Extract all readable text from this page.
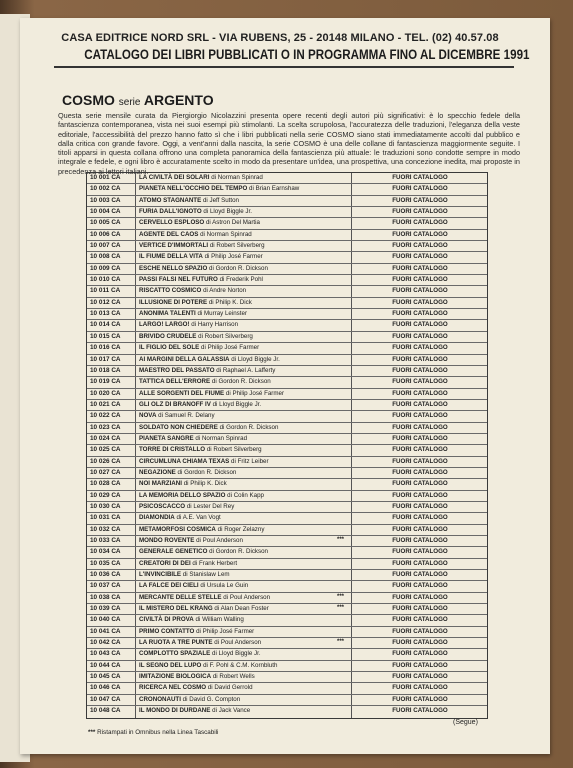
CASA EDITRICE NORD SRL - VIA RUBENS, 25 - 20148 MILANO - TEL. (02) 40.57.08
CATALOGO DEI LIBRI PUBBLICATI O IN PROGRAMMA FINO AL DICEMBRE 1991
COSMO serie ARGENTO
Questa serie mensile curata da Piergiorgio Nicolazzini presenta opere recenti degli autori più significativi: è lo specchio fedele della fantascienza contemporanea, vista nei suoi esempi più stimolanti. La scelta scrupolosa, l'accuratezza delle traduzioni, l'eleganza della veste editoriale, l'accessibilità del prezzo hanno fatto sì che i libri pubblicati nella serie COSMO siano stati immediatamente accolti dal pubblico e dalla critica con grande favore. Oggi, a vent'anni dalla nascita, la serie COSMO è una delle collane di fantascienza maggiormente seguite. I titoli apparsi in questa collana offrono una completa panoramica della fantascienza più attuale: le traduzioni sono condotte sempre in modo integrale e fedele, e ogni libro è accuratamente scelto in modo da presentare un'idea, una prospettiva, una concezione inedita, mai proposte in precedenza ai lettori italiani.
10 001 CA	LA CIVILTÀ DEI SOLARI di Norman Spinrad	FUORI CATALOGO
10 002 CA	PIANETA NELL'OCCHIO DEL TEMPO di Brian Earnshaw	FUORI CATALOGO
10 003 CA	ATOMO STAGNANTE di Jeff Sutton	FUORI CATALOGO
10 004 CA	FURIA DALL'IGNOTO di Lloyd Biggle Jr.	FUORI CATALOGO
10 005 CA	CERVELLO ESPLOSO di Astron Del Martia	FUORI CATALOGO
10 006 CA	AGENTE DEL CAOS di Norman Spinrad	FUORI CATALOGO
10 007 CA	VERTICE D'IMMORTALI di Robert Silverberg	FUORI CATALOGO
10 008 CA	IL FIUME DELLA VITA di Philip José Farmer	FUORI CATALOGO
10 009 CA	ESCHE NELLO SPAZIO di Gordon R. Dickson	FUORI CATALOGO
10 010 CA	PASSI FALSI NEL FUTURO di Frederik Pohl	FUORI CATALOGO
10 011 CA	RISCATTO COSMICO di Andre Norton	FUORI CATALOGO
10 012 CA	ILLUSIONE DI POTERE di Philip K. Dick	FUORI CATALOGO
10 013 CA	ANONIMA TALENTI di Murray Leinster	FUORI CATALOGO
10 014 CA	LARGO! LARGO! di Harry Harrison	FUORI CATALOGO
10 015 CA	BRIVIDO CRUDELE di Robert Silverberg	FUORI CATALOGO
10 016 CA	IL FIGLIO DEL SOLE di Philip José Farmer	FUORI CATALOGO
10 017 CA	AI MARGINI DELLA GALASSIA di Lloyd Biggle Jr.	FUORI CATALOGO
10 018 CA	MAESTRO DEL PASSATO di Raphael A. Lafferty	FUORI CATALOGO
10 019 CA	TATTICA DELL'ERRORE di Gordon R. Dickson	FUORI CATALOGO
10 020 CA	ALLE SORGENTI DEL FIUME di Philip José Farmer	FUORI CATALOGO
10 021 CA	GLI OLZ DI BRANOFF IV di Lloyd Biggle Jr.	FUORI CATALOGO
10 022 CA	NOVA di Samuel R. Delany	FUORI CATALOGO
10 023 CA	SOLDATO NON CHIEDERE di Gordon R. Dickson	FUORI CATALOGO
10 024 CA	PIANETA SANGRE di Norman Spinrad	FUORI CATALOGO
10 025 CA	TORRE DI CRISTALLO di Robert Silverberg	FUORI CATALOGO
10 026 CA	CIRCUMLUNA CHIAMA TEXAS di Fritz Leiber	FUORI CATALOGO
10 027 CA	NEGAZIONE di Gordon R. Dickson	FUORI CATALOGO
10 028 CA	NOI MARZIANI di Philip K. Dick	FUORI CATALOGO
10 029 CA	LA MEMORIA DELLO SPAZIO di Colin Kapp	FUORI CATALOGO
10 030 CA	PSICOSCACCO di Lester Del Rey	FUORI CATALOGO
10 031 CA	DIAMONDIA di A.E. Van Vogt	FUORI CATALOGO
10 032 CA	METAMORFOSI COSMICA di Roger Zelazny	FUORI CATALOGO
10 033 CA	MONDO ROVENTE di Poul Anderson	***	FUORI CATALOGO
10 034 CA	GENERALE GENETICO di Gordon R. Dickson	FUORI CATALOGO
10 035 CA	CREATORI DI DEI di Frank Herbert	FUORI CATALOGO
10 036 CA	L'INVINCIBILE di Stanislaw Lem	FUORI CATALOGO
10 037 CA	LA FALCE DEI CIELI di Ursula Le Guin	FUORI CATALOGO
10 038 CA	MERCANTE DELLE STELLE di Poul Anderson	***	FUORI CATALOGO
10 039 CA	IL MISTERO DEL KRANG di Alan Dean Foster	***	FUORI CATALOGO
10 040 CA	CIVILTÀ DI PROVA di William Walling	FUORI CATALOGO
10 041 CA	PRIMO CONTATTO di Philip José Farmer	FUORI CATALOGO
10 042 CA	LA RUOTA A TRE PUNTE di Poul Anderson	***	FUORI CATALOGO
10 043 CA	COMPLOTTO SPAZIALE di Lloyd Biggle Jr.	FUORI CATALOGO
10 044 CA	IL SEGNO DEL LUPO di F. Pohl & C.M. Kornbluth	FUORI CATALOGO
10 045 CA	IMITAZIONE BIOLOGICA di Robert Wells	FUORI CATALOGO
10 046 CA	RICERCA NEL COSMO di David Gerrold	FUORI CATALOGO
10 047 CA	CRONONAUTI di David G. Compton	FUORI CATALOGO
10 048 CA	IL MONDO DI DURDANE di Jack Vance	FUORI CATALOGO
(Segue)
*** Ristampati in Omnibus nella Linea Tascabili
